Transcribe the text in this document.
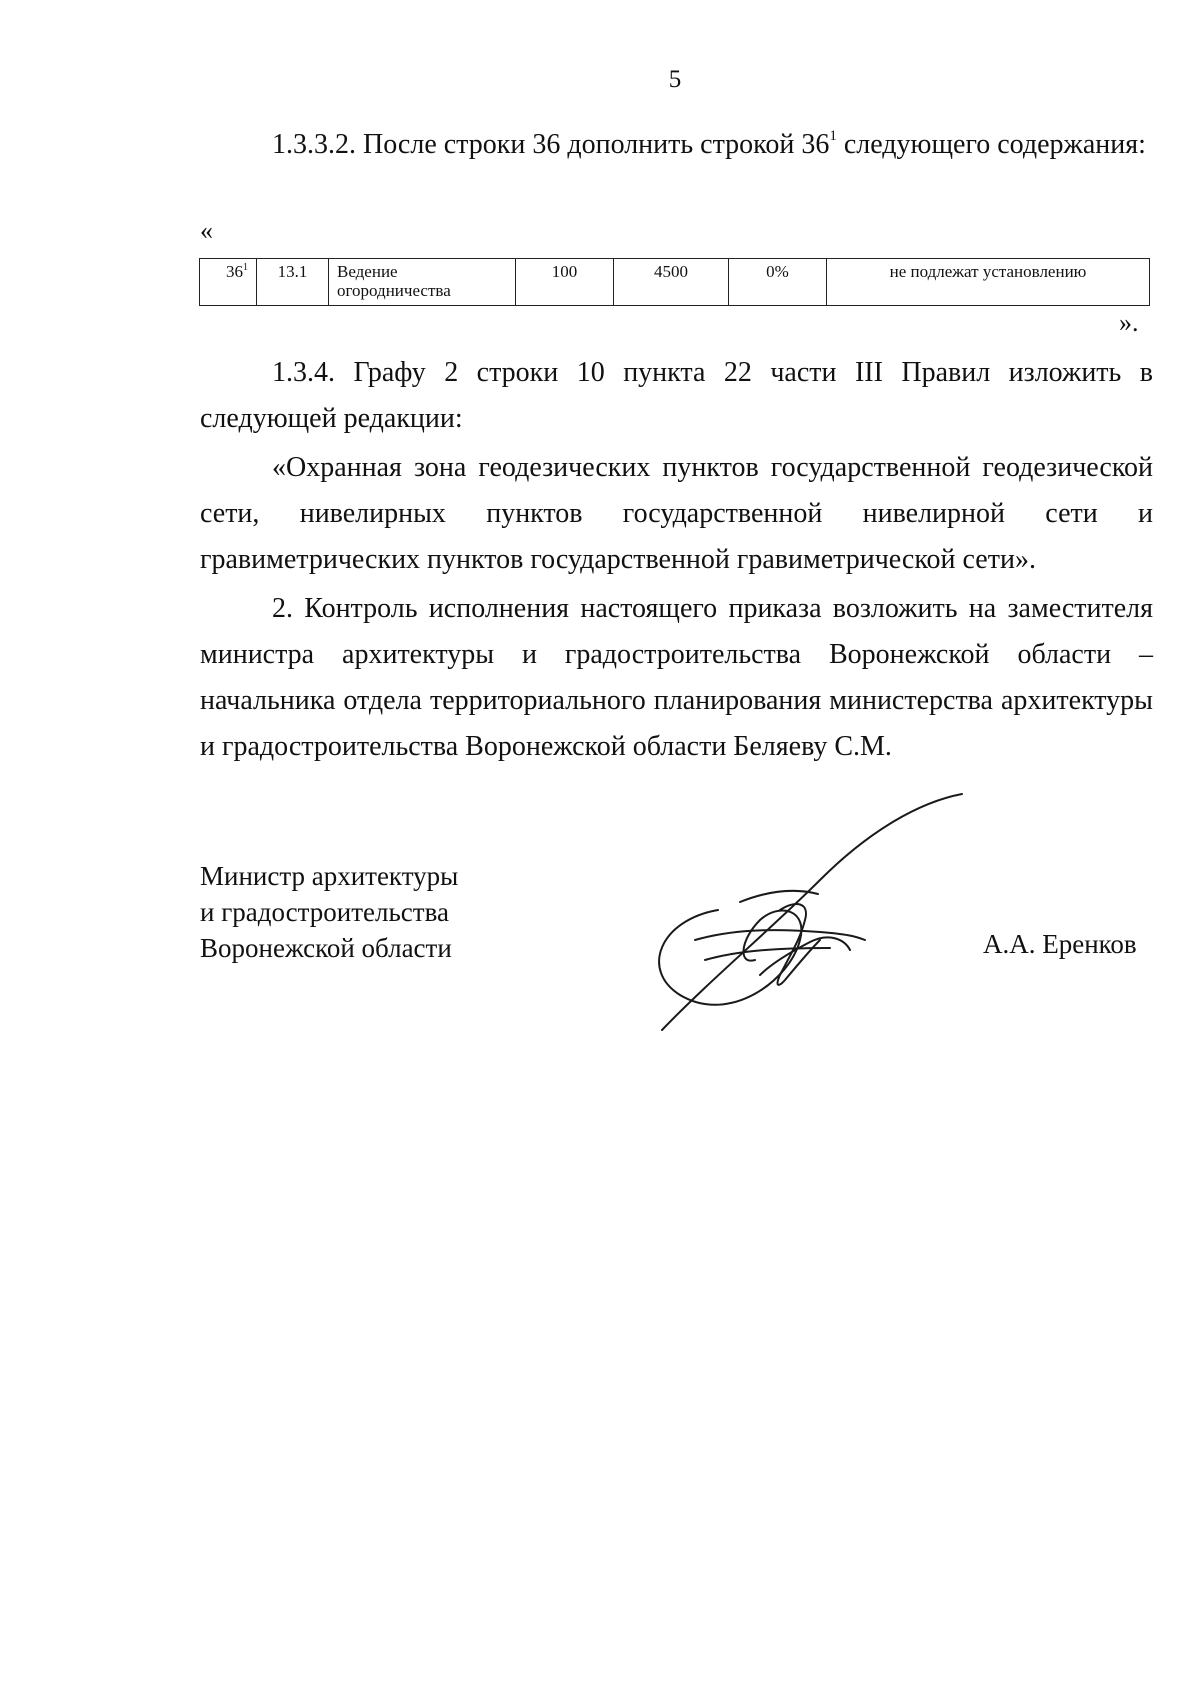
5

1.3.3.2. После строки 36 дополнить строкой $36^1$ следующего содержания:

«
$36^1$	13.1	Ведение огородничества	100	4500	0%	не подлежат установлению
».

1.3.4. Графу 2 строки 10 пункта 22 части III Правил изложить в следующей редакции:

«Охранная зона геодезических пунктов государственной геодезической сети, нивелирных пунктов государственной нивелирной сети и гравиметрических пунктов государственной гравиметрической сети».

2. Контроль исполнения настоящего приказа возложить на заместителя министра архитектуры и градостроительства Воронежской области – начальника отдела территориального планирования министерства архитектуры и градостроительства Воронежской области Беляеву С.М.

Министр архитектуры
и градостроительства
Воронежской области	А.А. Еренков
